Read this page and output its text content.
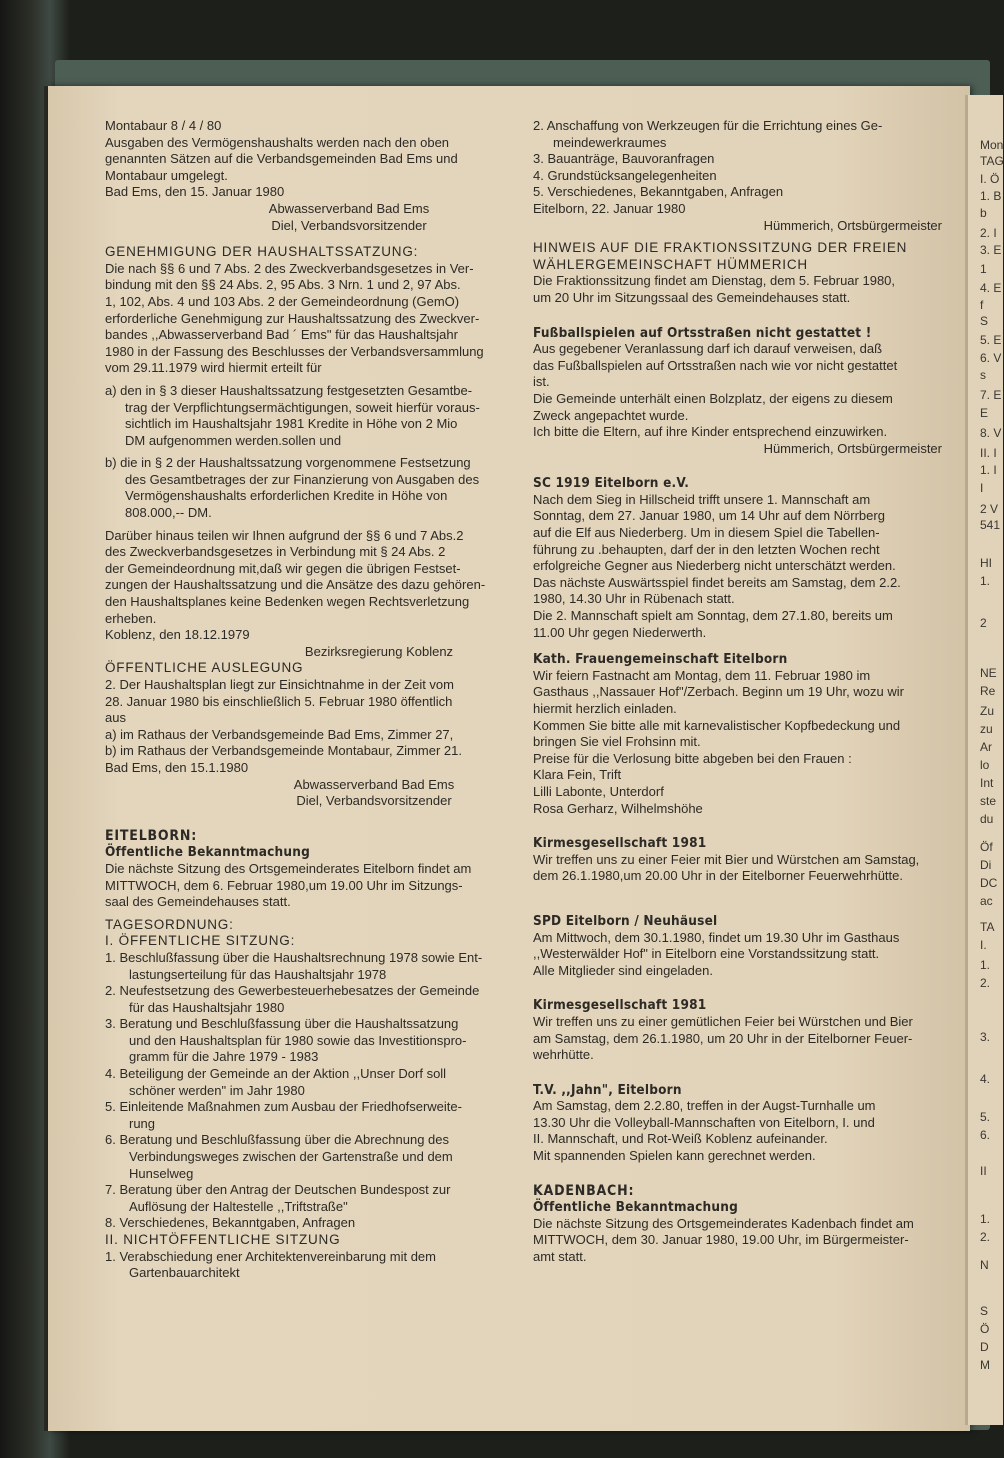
Mon
TAG
I. Ö
1. B
b
2. I
3. E
1
4. E
f
S
5. E
6. V
s
7. E
E
8. V
II. I
1. I
I
2 V
541
HI
1.
2
NE
Re
Zu
zu
Ar
lo
Int
ste
du
Öf
Di
DC
ac
TA
I.
1.
2.
3.
4.
5.
6.
II
1.
2.
N
S
Ö
D
M

Montabaur 8 / 4 / 80

Ausgaben des Vermögenshaushalts werden nach den oben

genannten Sätzen auf die Verbandsgemeinden Bad Ems und

Montabaur umgelegt.

Bad Ems, den 15. Januar 1980

Abwasserverband Bad Ems

Diel, Verbandsvorsitzender

GENEHMIGUNG DER HAUSHALTSSATZUNG:

Die nach §§ 6 und 7 Abs. 2 des Zweckverbandsgesetzes in Ver-

bindung mit den §§ 24 Abs. 2, 95 Abs. 3 Nrn. 1 und 2, 97 Abs.

1, 102, Abs. 4 und 103 Abs. 2 der Gemeindeordnung (GemO)

erforderliche Genehmigung zur Haushaltssatzung des Zweckver-

bandes ,,Abwasserverband Bad ´ Ems" für das Haushaltsjahr

1980 in der Fassung des Beschlusses der Verbandsversammlung

vom 29.11.1979 wird hiermit erteilt für

a) den in § 3 dieser Haushaltssatzung festgesetzten Gesamtbe-

trag der Verpflichtungsermächtigungen, soweit hierfür voraus-

sichtlich im Haushaltsjahr 1981 Kredite in Höhe von 2 Mio

DM aufgenommen werden.sollen und

b) die in § 2 der Haushaltssatzung vorgenommene Festsetzung

des Gesamtbetrages der zur Finanzierung von Ausgaben des

Vermögenshaushalts erforderlichen Kredite in Höhe von

808.000,-- DM.

Darüber hinaus teilen wir Ihnen aufgrund der §§ 6 und 7 Abs.2

des Zweckverbandsgesetzes in Verbindung mit § 24 Abs. 2

der Gemeindeordnung mit,daß wir gegen die übrigen Festset-

zungen der Haushaltssatzung und die Ansätze des dazu gehören-

den Haushaltsplanes keine Bedenken wegen Rechtsverletzung

erheben.

Koblenz, den 18.12.1979

Bezirksregierung Koblenz

ÖFFENTLICHE AUSLEGUNG

2. Der Haushaltsplan liegt zur Einsichtnahme in der Zeit vom

28. Januar 1980 bis einschließlich 5. Februar 1980 öffentlich

aus

a) im Rathaus der Verbandsgemeinde Bad Ems, Zimmer 27,

b) im Rathaus der Verbandsgemeinde Montabaur, Zimmer 21.

Bad Ems, den 15.1.1980

Abwasserverband Bad Ems

Diel, Verbandsvorsitzender

EITELBORN:

Öffentliche Bekanntmachung

Die nächste Sitzung des Ortsgemeinderates Eitelborn findet am

MITTWOCH, dem 6. Februar 1980,um 19.00 Uhr im Sitzungs-

saal des Gemeindehauses statt.

TAGESORDNUNG:

I. ÖFFENTLICHE SITZUNG:

1. Beschlußfassung über die Haushaltsrechnung 1978 sowie Ent-

lastungserteilung für das Haushaltsjahr 1978

2. Neufestsetzung des Gewerbesteuerhebesatzes der Gemeinde

für das Haushaltsjahr 1980

3. Beratung und Beschlußfassung über die Haushaltssatzung

und den Haushaltsplan für 1980 sowie das Investitionspro-

gramm für die Jahre 1979 - 1983

4. Beteiligung der Gemeinde an der Aktion ,,Unser Dorf soll

schöner werden" im Jahr 1980

5. Einleitende Maßnahmen zum Ausbau der Friedhofserweite-

rung

6. Beratung und Beschlußfassung über die Abrechnung des

Verbindungsweges zwischen der Gartenstraße und dem

Hunselweg

7. Beratung über den Antrag der Deutschen Bundespost zur

Auflösung der Haltestelle ,,Triftstraße"

8. Verschiedenes, Bekanntgaben, Anfragen

II. NICHTÖFFENTLICHE SITZUNG

1. Verabschiedung ener Architektenvereinbarung mit dem

Gartenbauarchitekt

2. Anschaffung von Werkzeugen für die Errichtung eines Ge-

meindewerkraumes

3. Bauanträge, Bauvoranfragen

4. Grundstücksangelegenheiten

5. Verschiedenes, Bekanntgaben, Anfragen

Eitelborn, 22. Januar 1980

Hümmerich, Ortsbürgermeister

HINWEIS AUF DIE FRAKTIONSSITZUNG DER FREIEN

WÄHLERGEMEINSCHAFT HÜMMERICH

Die Fraktionssitzung findet am Dienstag, dem 5. Februar 1980,

um 20 Uhr im Sitzungssaal des Gemeindehauses statt.

Fußballspielen auf Ortsstraßen nicht gestattet !

Aus gegebener Veranlassung darf ich darauf verweisen, daß

das Fußballspielen auf Ortsstraßen nach wie vor nicht gestattet

ist.

Die Gemeinde unterhält einen Bolzplatz, der eigens zu diesem

Zweck angepachtet wurde.

Ich bitte die Eltern, auf ihre Kinder entsprechend einzuwirken.

Hümmerich, Ortsbürgermeister

SC 1919 Eitelborn e.V.

Nach dem Sieg in Hillscheid trifft unsere 1. Mannschaft am

Sonntag, dem 27. Januar 1980, um 14 Uhr auf dem Nörrberg

auf die Elf aus Niederberg. Um in diesem Spiel die Tabellen-

führung zu .behaupten, darf der in den letzten Wochen recht

erfolgreiche Gegner aus Niederberg nicht unterschätzt werden.

Das nächste Auswärtsspiel findet bereits am Samstag, dem 2.2.

1980, 14.30 Uhr in Rübenach statt.

Die 2. Mannschaft spielt am Sonntag, dem 27.1.80, bereits um

11.00 Uhr gegen Niederwerth.

Kath. Frauengemeinschaft Eitelborn

Wir feiern Fastnacht am Montag, dem 11. Februar 1980 im

Gasthaus ,,Nassauer Hof"/Zerbach. Beginn um 19 Uhr, wozu wir

hiermit herzlich einladen.

Kommen Sie bitte alle mit karnevalistischer Kopfbedeckung und

bringen Sie viel Frohsinn mit.

Preise für die Verlosung bitte abgeben bei den Frauen :

Klara Fein, Trift

Lilli Labonte, Unterdorf

Rosa Gerharz, Wilhelmshöhe

Kirmesgesellschaft 1981

Wir treffen uns zu einer Feier mit Bier und Würstchen am Samstag,

dem 26.1.1980,um 20.00 Uhr in der Eitelborner Feuerwehrhütte.

SPD Eitelborn / Neuhäusel

Am Mittwoch, dem 30.1.1980, findet um 19.30 Uhr im Gasthaus

,,Westerwälder Hof" in Eitelborn eine Vorstandssitzung statt.

Alle Mitglieder sind eingeladen.

Kirmesgesellschaft 1981

Wir treffen uns zu einer gemütlichen Feier bei Würstchen und Bier

am Samstag, dem 26.1.1980, um 20 Uhr in der Eitelborner Feuer-

wehrhütte.

T.V. ,,Jahn", Eitelborn

Am Samstag, dem 2.2.80, treffen in der Augst-Turnhalle um

13.30 Uhr die Volleyball-Mannschaften von Eitelborn, I. und

II. Mannschaft, und Rot-Weiß Koblenz aufeinander.

Mit spannenden Spielen kann gerechnet werden.

KADENBACH:

Öffentliche Bekanntmachung

Die nächste Sitzung des Ortsgemeinderates Kadenbach findet am

MITTWOCH, dem 30. Januar 1980, 19.00 Uhr, im Bürgermeister-

amt statt.
